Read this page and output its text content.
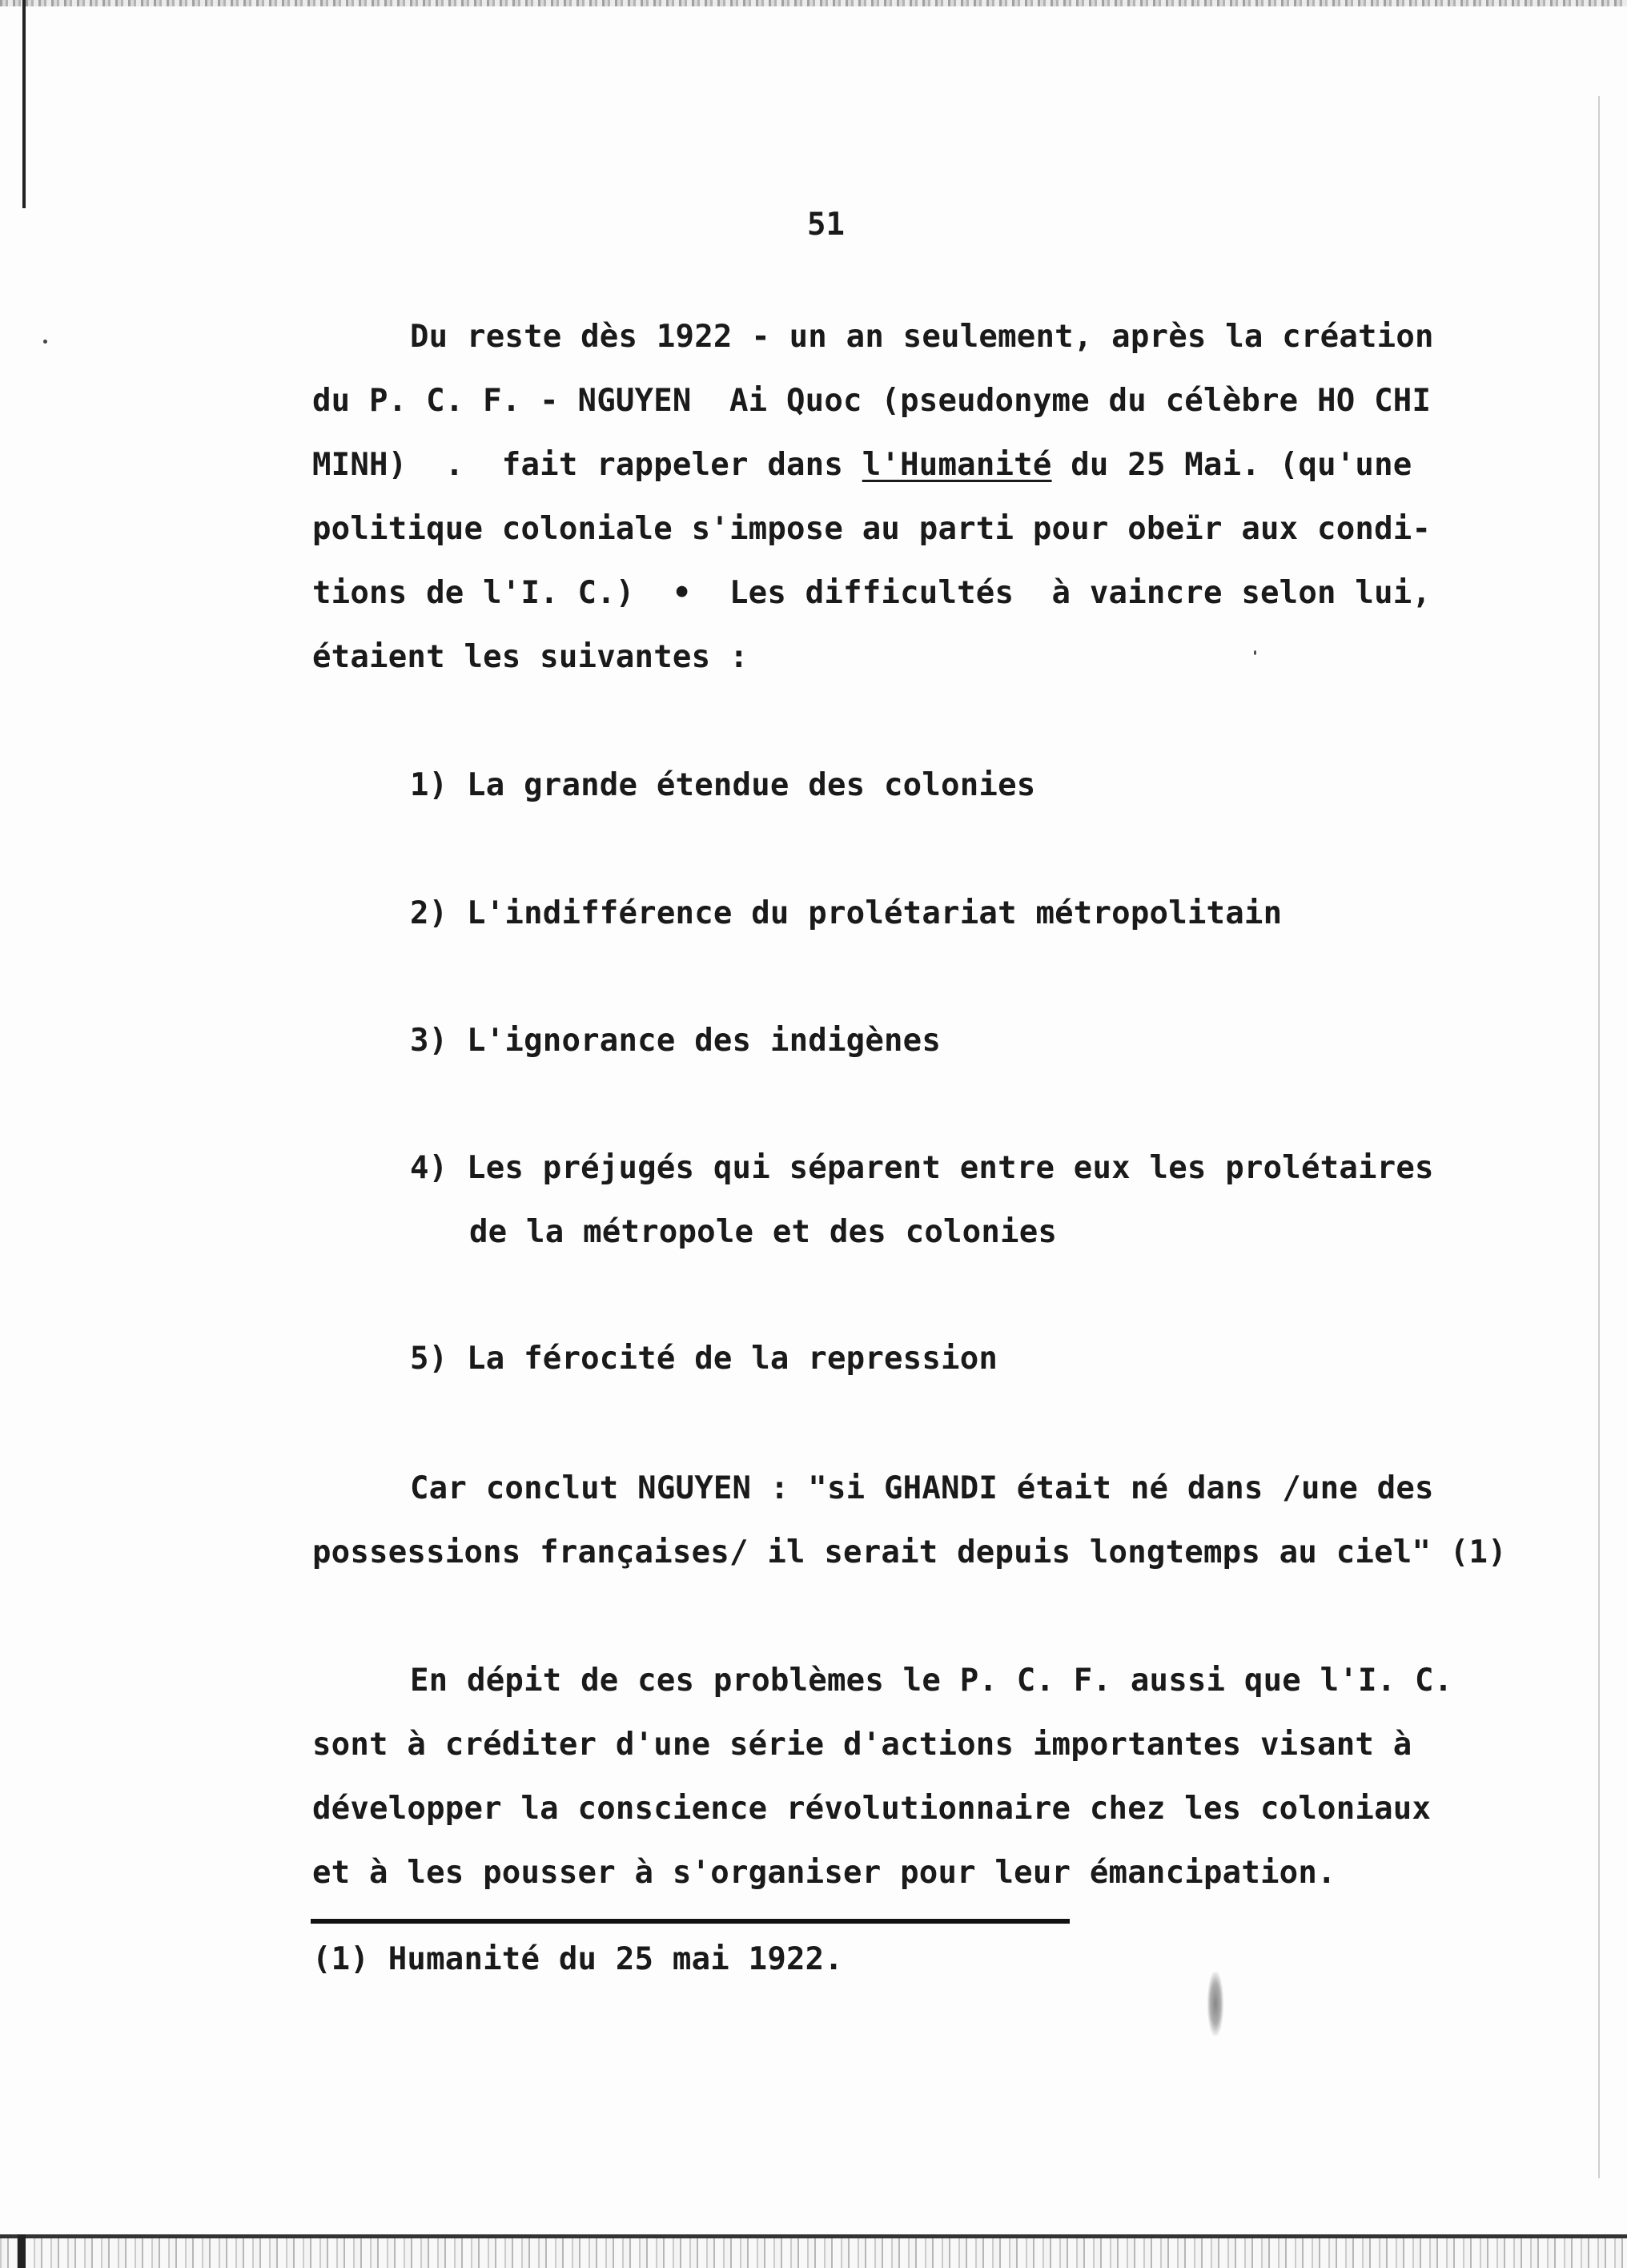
51
Du reste dès 1922 - un an seulement, après la création
du P. C. F. - NGUYEN  Ai Quoc (pseudonyme du célèbre HO CHI
MINH)  .  fait rappeler dans l'Humanité du 25 Mai. (qu'une
politique coloniale s'impose au parti pour obeïr aux condi-
tions de l'I. C.)  •  Les difficultés  à vaincre selon lui,
étaient les suivantes :
1) La grande étendue des colonies
2) L'indifférence du prolétariat métropolitain
3) L'ignorance des indigènes
4) Les préjugés qui séparent entre eux les prolétaires
de la métropole et des colonies
5) La férocité de la repression
Car conclut NGUYEN : "si GHANDI était né dans /une des
possessions françaises/ il serait depuis longtemps au ciel" (1)
En dépit de ces problèmes le P. C. F. aussi que l'I. C.
sont à créditer d'une série d'actions importantes visant à
développer la conscience révolutionnaire chez les coloniaux
et à les pousser à s'organiser pour leur émancipation.
(1) Humanité du 25 mai 1922.
